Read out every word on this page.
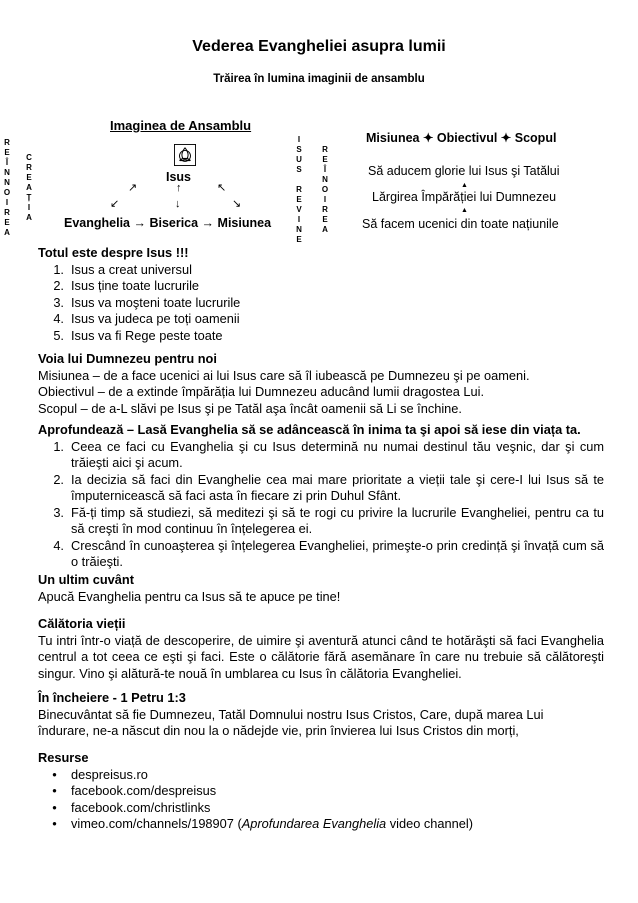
Vederea Evangheliei asupra lumii
Trăirea în lumina imaginii de ansamblu
Imaginea de Ansamblu
R
E
Î
N
N
O
I
R
E
A
C
R
E
A
Ț
I
A
I
S
U
S

R
E
V
I
N
E
R
E
Î
N
O
I
R
E
A
Isus
↗	↑	↖
↙	↓	↘
Evanghelia → Biserica → Misiunea
Misiunea ✦ Obiectivul ✦ Scopul
Să aducem glorie lui Isus şi Tatălui
▲
Lărgirea Împărăției lui Dumnezeu
▲
Să facem ucenici din toate națiunile
Totul este despre Isus !!!
1. Isus a creat universul
2. Isus ține toate lucrurile
3. Isus va moşteni toate lucrurile
4. Isus va judeca pe toți oamenii
5. Isus va fi Rege peste toate
Voia lui Dumnezeu pentru noi
Misiunea – de a face ucenici ai lui Isus care să îl iubească pe Dumnezeu şi pe oameni.
Obiectivul – de a extinde împărăția lui Dumnezeu aducând lumii dragostea Lui.
Scopul – de a-L slăvi pe Isus şi pe Tatăl aşa încât oamenii să Li se închine.
Aprofundează – Lasă Evanghelia să se adâncească în inima ta şi apoi să iese din viața ta.
1. Ceea ce faci cu Evanghelia şi cu Isus determină nu numai destinul tău veşnic, dar şi cum trăieşti aici şi acum.
2. Ia decizia să faci din Evanghelie cea mai mare prioritate a vieții tale şi cere-I lui Isus să te împuternicească să faci asta în fiecare zi prin Duhul Sfânt.
3. Fă-ți timp să studiezi, să meditezi şi să te rogi cu privire la lucrurile Evangheliei, pentru ca tu să creşti în mod continuu în înțelegerea ei.
4. Crescând în cunoaşterea şi înțelegerea Evangheliei, primeşte-o prin credință şi învață cum să o trăieşti.
Un ultim cuvânt
Apucă Evanghelia pentru ca Isus să te apuce pe tine!
Călătoria vieții
Tu intri într-o viață de descoperire, de uimire şi aventură atunci când te hotărăşti să faci Evanghelia centrul a tot ceea ce eşti şi faci. Este o călătorie fără asemănare în care nu trebuie să călătoreşti singur. Vino şi alătură-te nouă în umblarea cu Isus în călătoria Evangheliei.
În încheiere - 1 Petru 1:3
Binecuvântat să fie Dumnezeu, Tatăl Domnului nostru Isus Cristos, Care, după marea Lui
îndurare, ne-a născut din nou la o nădejde vie, prin învierea lui Isus Cristos din morți,
Resurse
•	despreisus.ro
•	facebook.com/despreisus
•	facebook.com/christlinks
•	vimeo.com/channels/198907 (Aprofundarea Evanghelia video channel)
